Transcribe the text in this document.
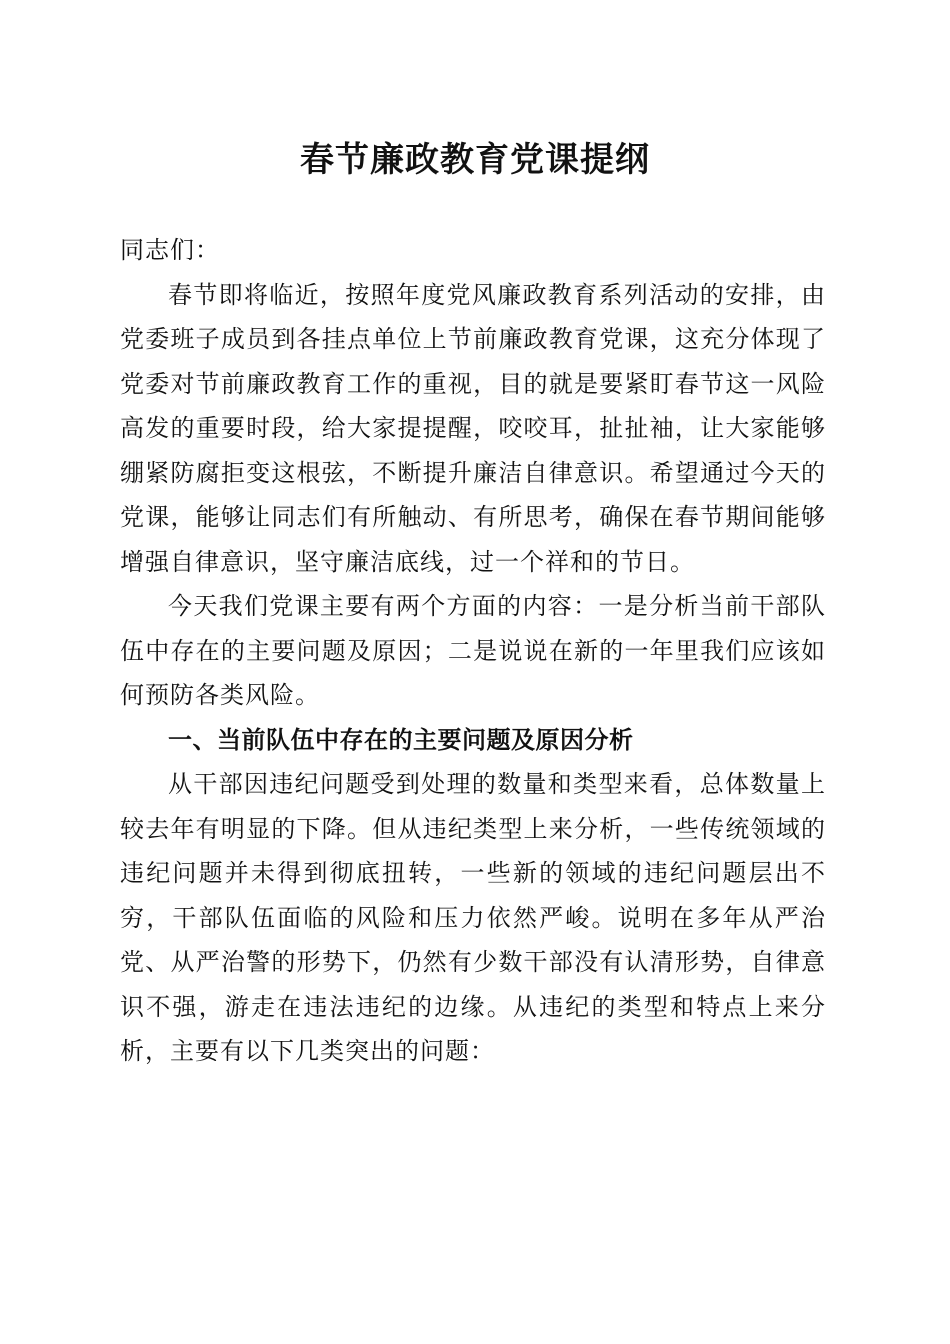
春节廉政教育党课提纲

同志们：

春节即将临近，按照年度党风廉政教育系列活动的安排，由党委班子成员到各挂点单位上节前廉政教育党课，这充分体现了党委对节前廉政教育工作的重视，目的就是要紧盯春节这一风险高发的重要时段，给大家提提醒，咬咬耳，扯扯袖，让大家能够绷紧防腐拒变这根弦，不断提升廉洁自律意识。希望通过今天的党课，能够让同志们有所触动、有所思考，确保在春节期间能够增强自律意识，坚守廉洁底线，过一个祥和的节日。

今天我们党课主要有两个方面的内容：一是分析当前干部队伍中存在的主要问题及原因；二是说说在新的一年里我们应该如何预防各类风险。

一、当前队伍中存在的主要问题及原因分析

从干部因违纪问题受到处理的数量和类型来看，总体数量上较去年有明显的下降。但从违纪类型上来分析，一些传统领域的违纪问题并未得到彻底扭转，一些新的领域的违纪问题层出不穷，干部队伍面临的风险和压力依然严峻。说明在多年从严治党、从严治警的形势下，仍然有少数干部没有认清形势，自律意识不强，游走在违法违纪的边缘。从违纪的类型和特点上来分析，主要有以下几类突出的问题：
